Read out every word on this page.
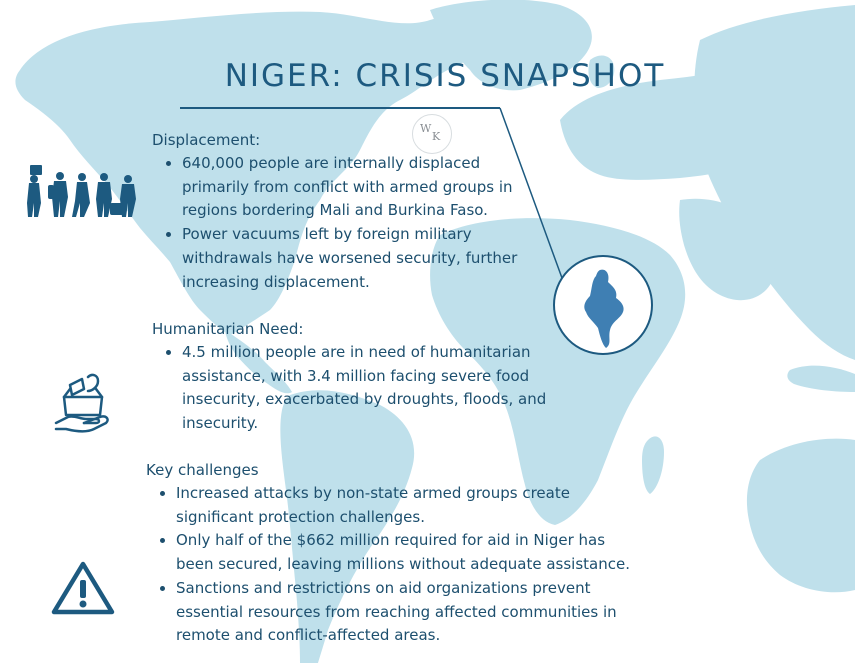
NIGER: CRISIS SNAPSHOT
W
K
Displacement:
• 640,000 people are internally displaced primarily from conflict with armed groups in regions bordering Mali and Burkina Faso.
• Power vacuums left by foreign military withdrawals have worsened security, further increasing displacement.
Humanitarian Need:
• 4.5 million people are in need of humanitarian assistance, with 3.4 million facing severe food insecurity, exacerbated by droughts, floods, and insecurity.
Key challenges
• Increased attacks by non-state armed groups create significant protection challenges.
• Only half of the $662 million required for aid in Niger has been secured, leaving millions without adequate assistance.
• Sanctions and restrictions on aid organizations prevent essential resources from reaching affected communities in remote and conflict-affected areas.
